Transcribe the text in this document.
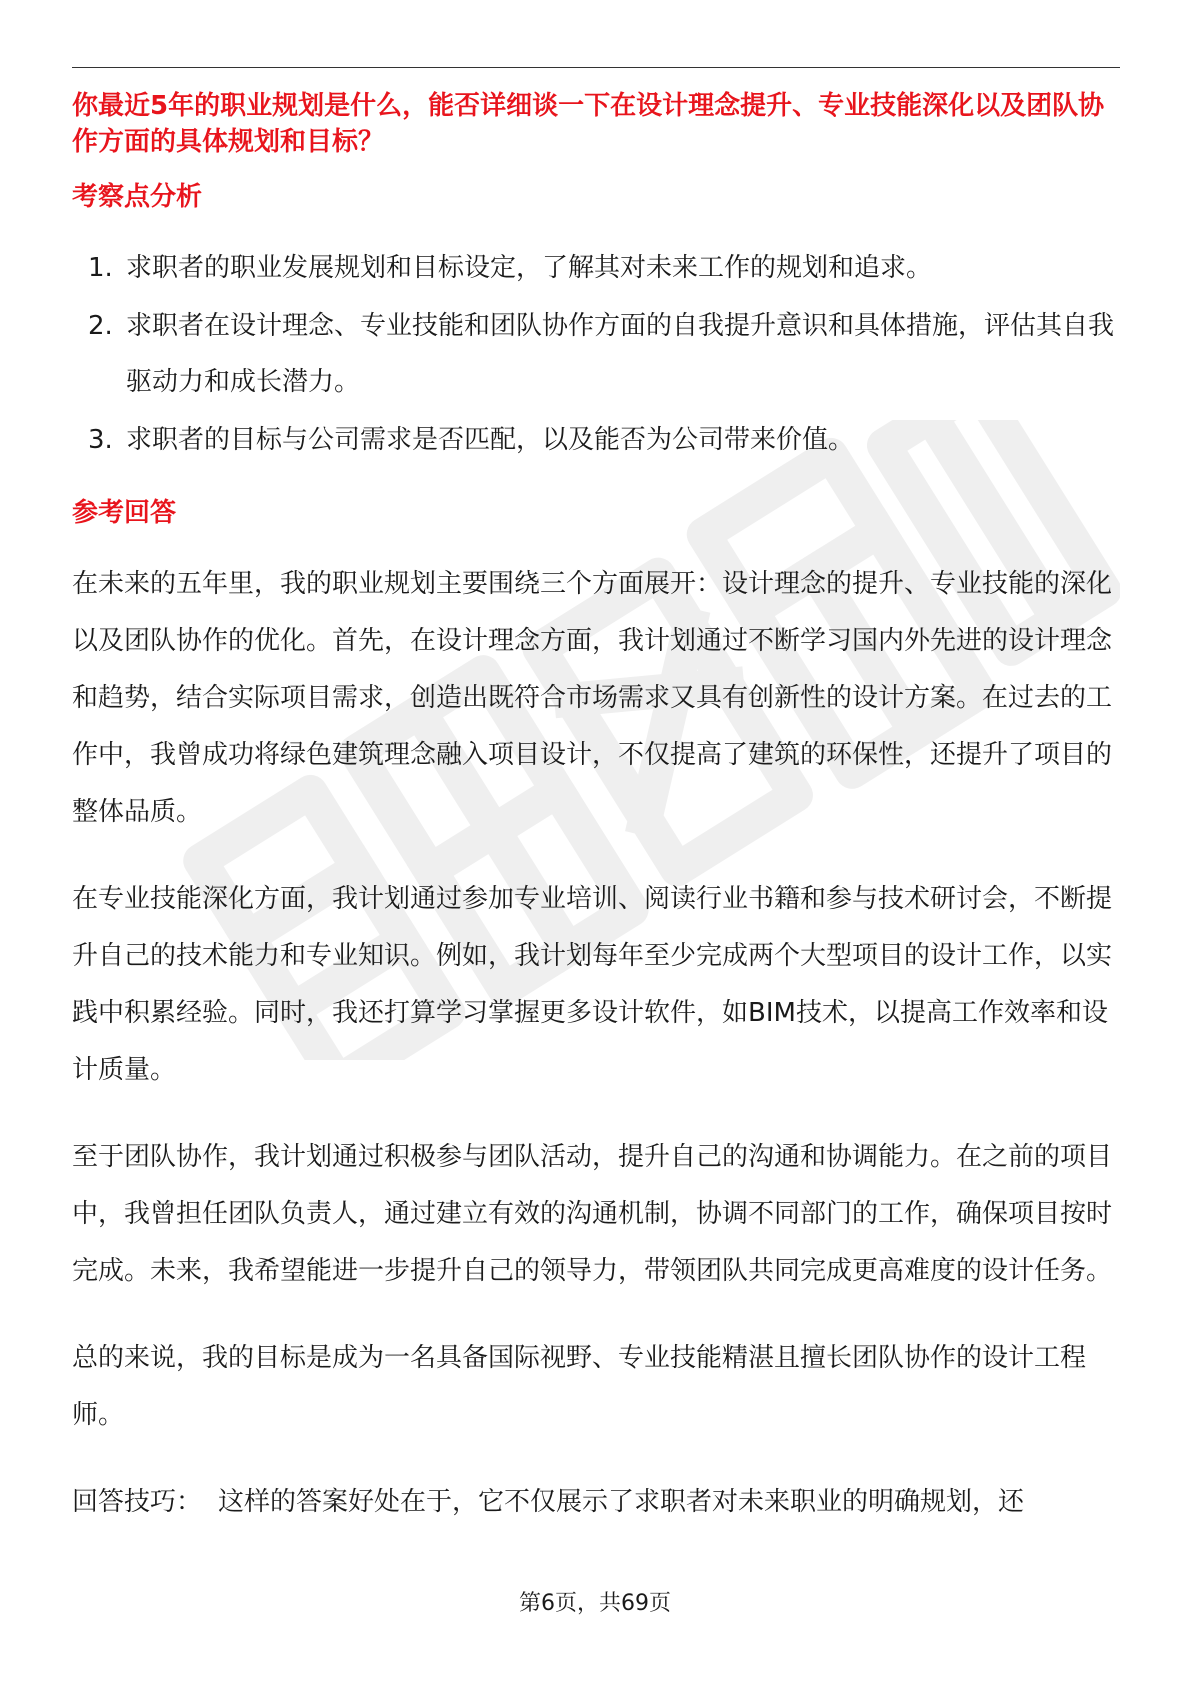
你最近5年的职业规划是什么，能否详细谈一下在设计理念提升、专业技能深化以及团队协作方面的具体规划和目标？

考察点分析
1. 求职者的职业发展规划和目标设定，了解其对未来工作的规划和追求。
2. 求职者在设计理念、专业技能和团队协作方面的自我提升意识和具体措施，评估其自我驱动力和成长潜力。
3. 求职者的目标与公司需求是否匹配，以及能否为公司带来价值。
参考回答

在未来的五年里，我的职业规划主要围绕三个方面展开：设计理念的提升、专业技能的深化以及团队协作的优化。首先，在设计理念方面，我计划通过不断学习国内外先进的设计理念和趋势，结合实际项目需求，创造出既符合市场需求又具有创新性的设计方案。在过去的工作中，我曾成功将绿色建筑理念融入项目设计，不仅提高了建筑的环保性，还提升了项目的整体品质。

在专业技能深化方面，我计划通过参加专业培训、阅读行业书籍和参与技术研讨会，不断提升自己的技术能力和专业知识。例如，我计划每年至少完成两个大型项目的设计工作，以实践中积累经验。同时，我还打算学习掌握更多设计软件，如BIM技术，以提高工作效率和设计质量。

至于团队协作，我计划通过积极参与团队活动，提升自己的沟通和协调能力。在之前的项目中，我曾担任团队负责人，通过建立有效的沟通机制，协调不同部门的工作，确保项目按时完成。未来，我希望能进一步提升自己的领导力，带领团队共同完成更高难度的设计任务。

总的来说，我的目标是成为一名具备国际视野、专业技能精湛且擅长团队协作的设计工程师。

回答技巧： 这样的答案好处在于，它不仅展示了求职者对未来职业的明确规划，还

第6页，共69页
